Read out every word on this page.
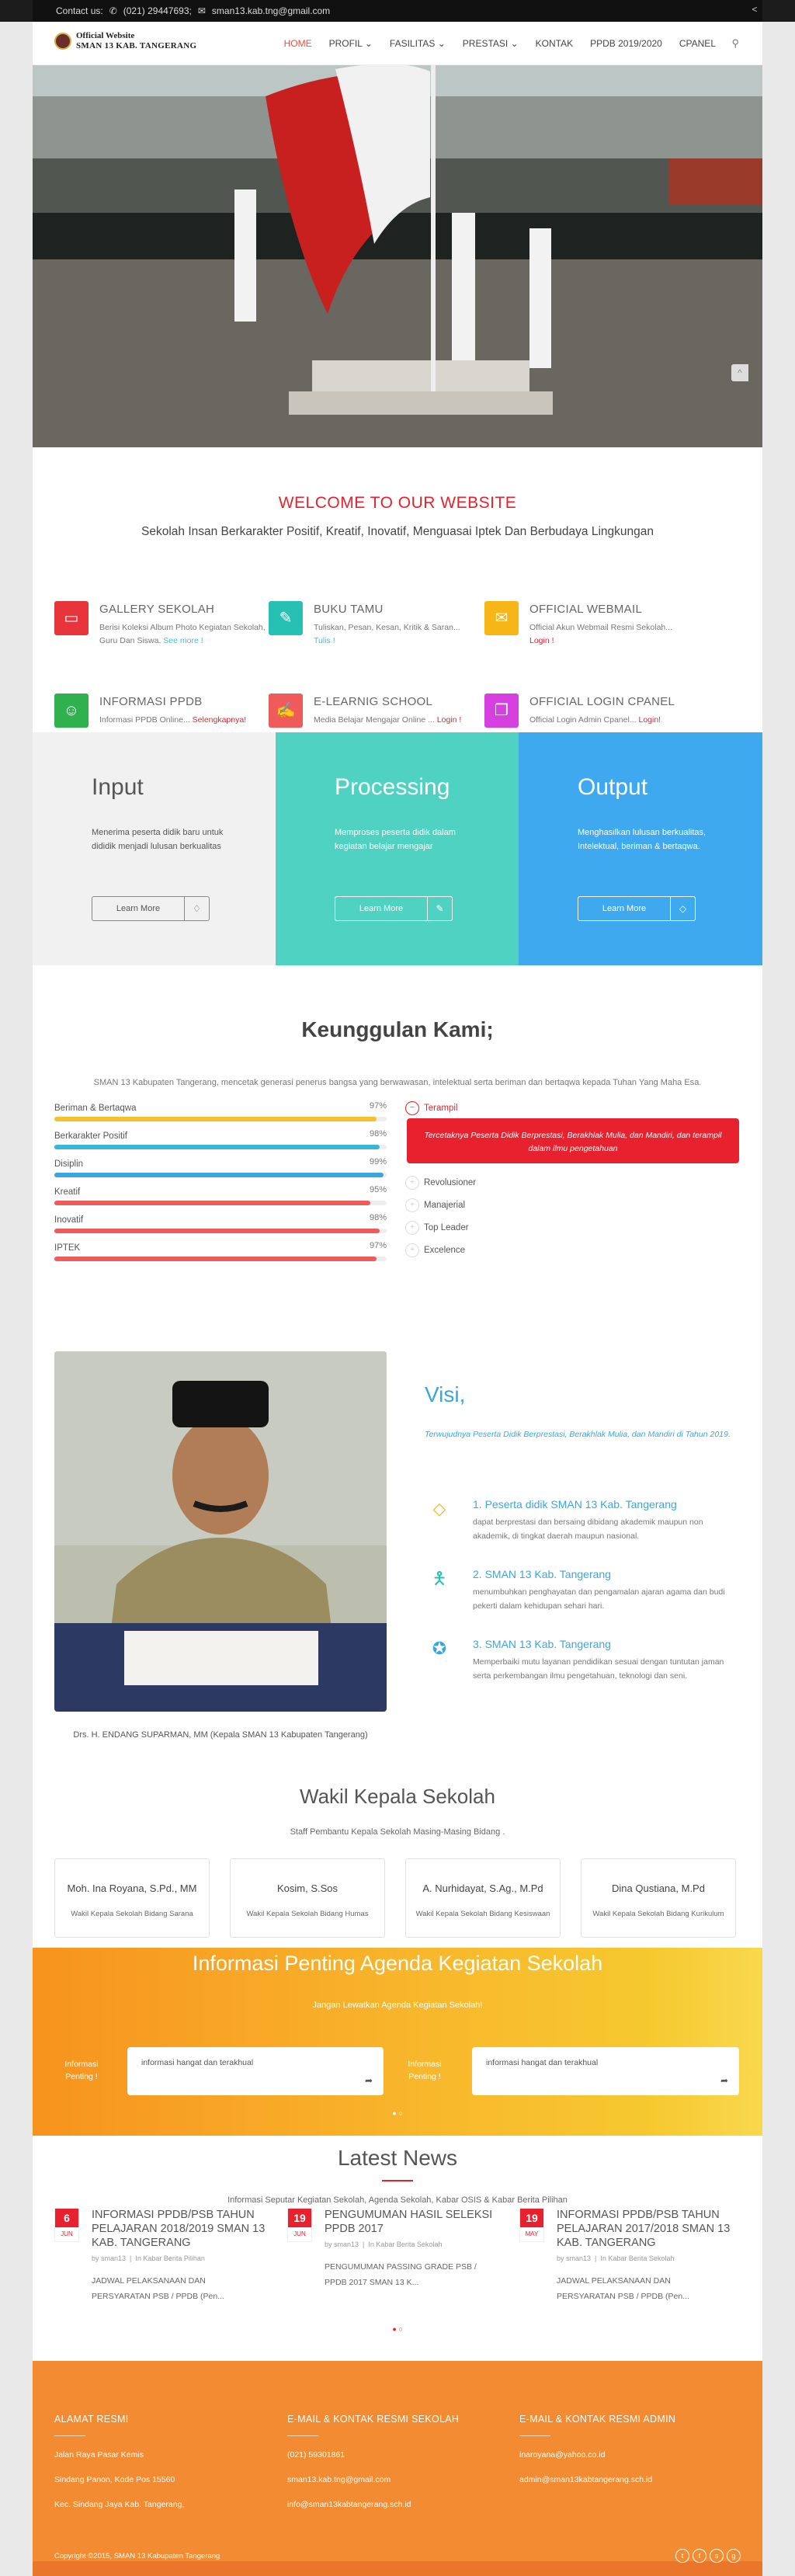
Contact us: ✆ (021) 29447693; ✉ sman13.kab.tng@gmail.com	<
Official Website
SMAN 13 KAB. TANGERANG	HOME PROFIL ⌄ FASILITAS ⌄ PRESTASI ⌄ KONTAK PPDB 2019/2020 CPANEL ⚲
^
WELCOME TO OUR WEBSITE

Sekolah Insan Berkarakter Positif, Kreatif, Inovatif, Menguasai Iptek Dan Berbudaya Lingkungan

▭
GALLERY SEKOLAH

Berisi Koleksi Album Photo Kegiatan Sekolah, Guru Dan Siswa. See more !

✎
BUKU TAMU

Tuliskan, Pesan, Kesan, Kritik & Saran...
Tulis !

✉
OFFICIAL WEBMAIL

Official Akun Webmail Resmi Sekolah...
Login !

☺
INFORMASI PPDB

Informasi PPDB Online... Selengkapnya!

✍
E-LEARNIG SCHOOL

Media Belajar Mengajar Online ... Login !

❐
OFFICIAL LOGIN CPANEL

Official Login Admin Cpanel... Login!

Input

Menerima peserta didik baru untuk dididik menjadi lulusan berkualitas

Learn More	♢
Processing

Memproses peserta didik dalam kegiatan belajar mengajar

Learn More	✎
Output

Menghasilkan lulusan berkualitas, Intelektual, beriman & bertaqwa.

Learn More	◇
Keunggulan Kami;

SMAN 13 Kabupaten Tangerang, mencetak generasi penerus bangsa yang berwawasan, intelektual serta beriman dan bertaqwa kepada Tuhan Yang Maha Esa.

Beriman & Bertaqwa	97%
Berkarakter Positif	98%
Disiplin	99%
Kreatif	95%
Inovatif	98%
IPTEK	97%
− Terampil
Tercetaknya Peserta Didik Berprestasi, Berakhlak Mulia, dan Mandiri, dan terampil dalam ilmu pengetahuan
+ Revolusioner
+ Manajerial
+ Top Leader
+ Excelence
Drs. H. ENDANG SUPARMAN, MM (Kepala SMAN 13 Kabupaten Tangerang)
Visi,

Terwujudnya Peserta Didik Berprestasi, Berakhlak Mulia, dan Mandiri di Tahun 2019.

◇	1. Peserta didik SMAN 13 Kab. Tangerang

dapat berprestasi dan bersaing dibidang akademik maupun non akademik, di tingkat daerah maupun nasional.

🯅	2. SMAN 13 Kab. Tangerang

menumbuhkan penghayatan dan pengamalan ajaran agama dan budi pekerti dalam kehidupan sehari hari.

✪	3. SMAN 13 Kab. Tangerang

Memperbaiki mutu layanan pendidikan sesuai dengan tuntutan jaman serta perkembangan ilmu pengetahuan, teknologi dan seni.

Wakil Kepala Sekolah

Staff Pembantu Kepala Sekolah Masing-Masing Bidang .

Moh. Ina Royana, S.Pd., MM
Wakil Kepala Sekolah Bidang Sarana
Kosim, S.Sos
Wakil Kepala Sekolah Bidang Humas
A. Nurhidayat, S.Ag., M.Pd
Wakil Kepala Sekolah Bidang Kesiswaan
Dina Qustiana, M.Pd
Wakil Kepala Sekolah Bidang Kurikulum
Informasi Penting Agenda Kegiatan Sekolah

Jangan Lewatkan Agenda Kegiatan Sekolah!

Informasi Penting !
informasi hangat dan terakhual
➦
Informasi Penting !
informasi hangat dan terakhual
➦
● ○
Latest News

Informasi Seputar Kegiatan Sekolah, Agenda Sekolah, Kabar OSIS & Kabar Berita Pilihan

6
JUN
INFORMASI PPDB/PSB TAHUN PELAJARAN 2018/2019 SMAN 13 KAB. TANGERANG
by sman13  |  In Kabar Berita Pilihan
JADWAL PELAKSANAAN DAN PERSYARATAN PSB / PPDB (Pen...
19
JUN
PENGUMUMAN HASIL SELEKSI PPDB 2017
by sman13  |  In Kabar Berita Sekolah
PENGUMUMAN PASSING GRADE PSB / PPDB 2017 SMAN 13 K...
19
MAY
INFORMASI PPDB/PSB TAHUN PELAJARAN 2017/2018 SMAN 13 KAB. TANGERANG
by sman13  |  In Kabar Berita Sekolah
JADWAL PELAKSANAAN DAN PERSYARATAN PSB / PPDB (Pen...
● ○
ALAMAT RESMI

Jalan Raya Pasar Kemis

Sindang Panon, Kode Pos 15560

Kec. Sindang Jaya Kab. Tangerang,

E-MAIL & KONTAK RESMI SEKOLAH

(021) 59301861

sman13.kab.tng@gmail.com

info@sman13kabtangerang.sch.id

E-MAIL & KONTAK RESMI ADMIN

inaroyana@yahoo.co.id

admin@sman13kabtangerang.sch.id

Copyright ©2015, SMAN 13 Kabupaten Tangerang	t	f	s	g
